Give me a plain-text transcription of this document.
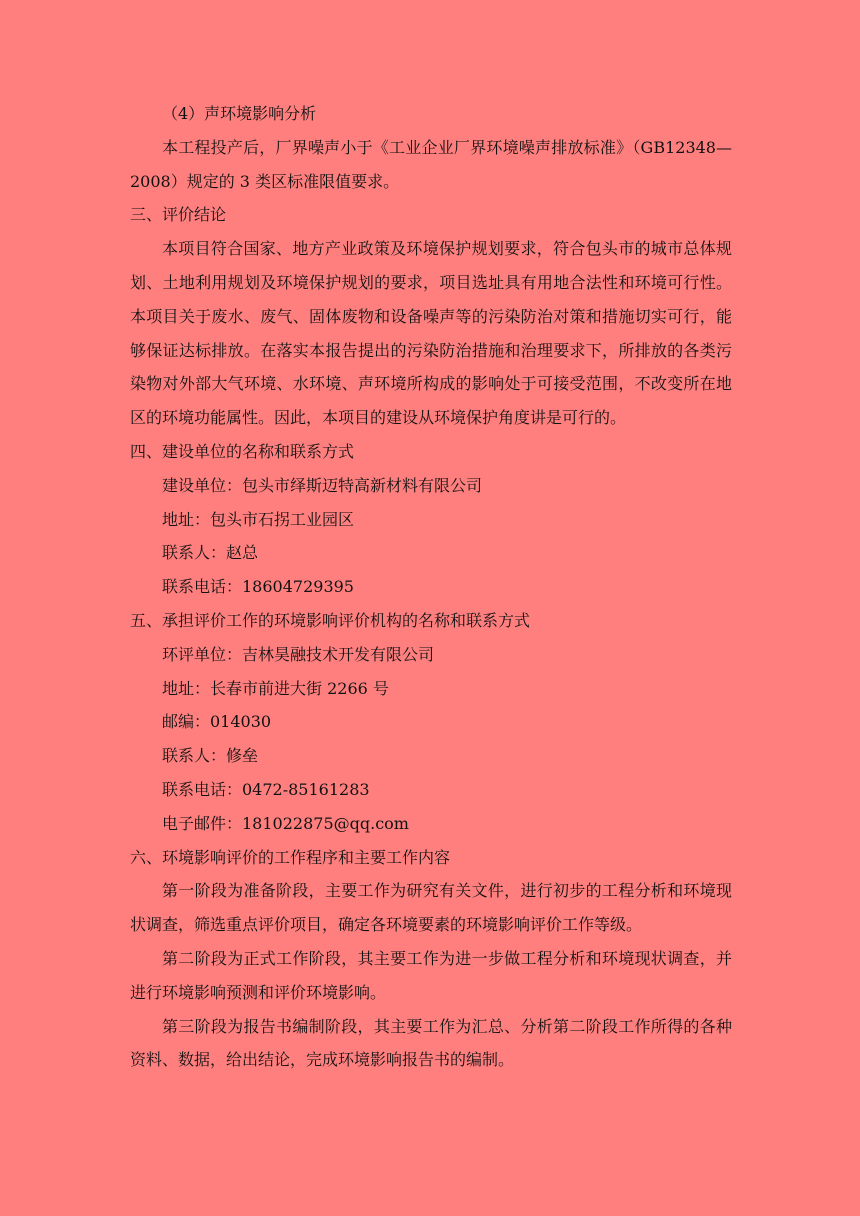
（4）声环境影响分析

本工程投产后，厂界噪声小于《工业企业厂界环境噪声排放标准》（GB12348—2008）规定的 3 类区标准限值要求。

三、评价结论

本项目符合国家、地方产业政策及环境保护规划要求，符合包头市的城市总体规划、土地利用规划及环境保护规划的要求，项目选址具有用地合法性和环境可行性。本项目关于废水、废气、固体废物和设备噪声等的污染防治对策和措施切实可行，能够保证达标排放。在落实本报告提出的污染防治措施和治理要求下，所排放的各类污染物对外部大气环境、水环境、声环境所构成的影响处于可接受范围，不改变所在地区的环境功能属性。因此，本项目的建设从环境保护角度讲是可行的。

四、建设单位的名称和联系方式

建设单位：包头市绎斯迈特高新材料有限公司

地址：包头市石拐工业园区

联系人：赵总

联系电话：18604729395

五、承担评价工作的环境影响评价机构的名称和联系方式

环评单位：吉林昊融技术开发有限公司

地址：长春市前进大街 2266 号

邮编：014030

联系人：修垒

联系电话：0472-85161283

电子邮件：181022875@qq.com

六、环境影响评价的工作程序和主要工作内容

第一阶段为准备阶段，主要工作为研究有关文件，进行初步的工程分析和环境现状调查，筛选重点评价项目，确定各环境要素的环境影响评价工作等级。

第二阶段为正式工作阶段，其主要工作为进一步做工程分析和环境现状调查，并进行环境影响预测和评价环境影响。

第三阶段为报告书编制阶段，其主要工作为汇总、分析第二阶段工作所得的各种资料、数据，给出结论，完成环境影响报告书的编制。
